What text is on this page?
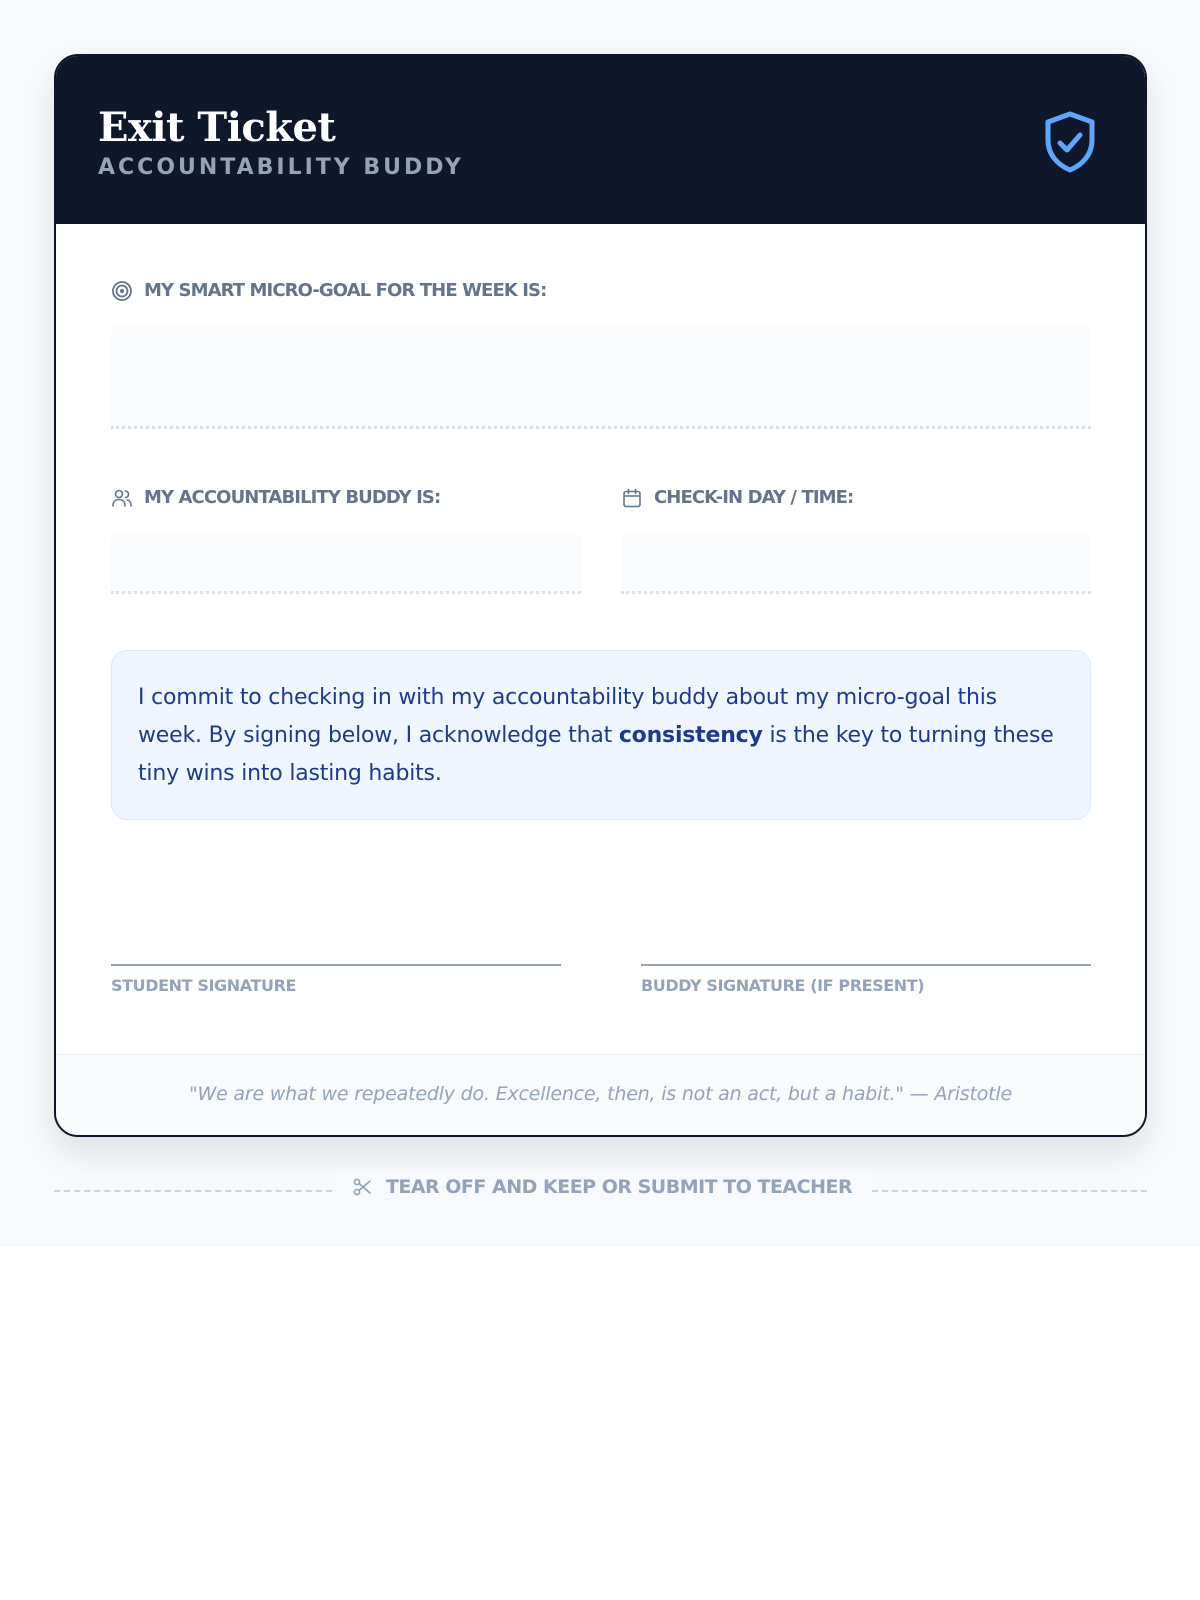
Exit Ticket
ACCOUNTABILITY BUDDY
MY SMART MICRO-GOAL FOR THE WEEK IS:
MY ACCOUNTABILITY BUDDY IS:	CHECK-IN DAY / TIME:
I commit to checking in with my accountability buddy about my micro-goal this week. By signing below, I acknowledge that consistency is the key to turning these tiny wins into lasting habits.
STUDENT SIGNATURE	BUDDY SIGNATURE (IF PRESENT)
"We are what we repeatedly do. Excellence, then, is not an act, but a habit." — Aristotle
TEAR OFF AND KEEP OR SUBMIT TO TEACHER
